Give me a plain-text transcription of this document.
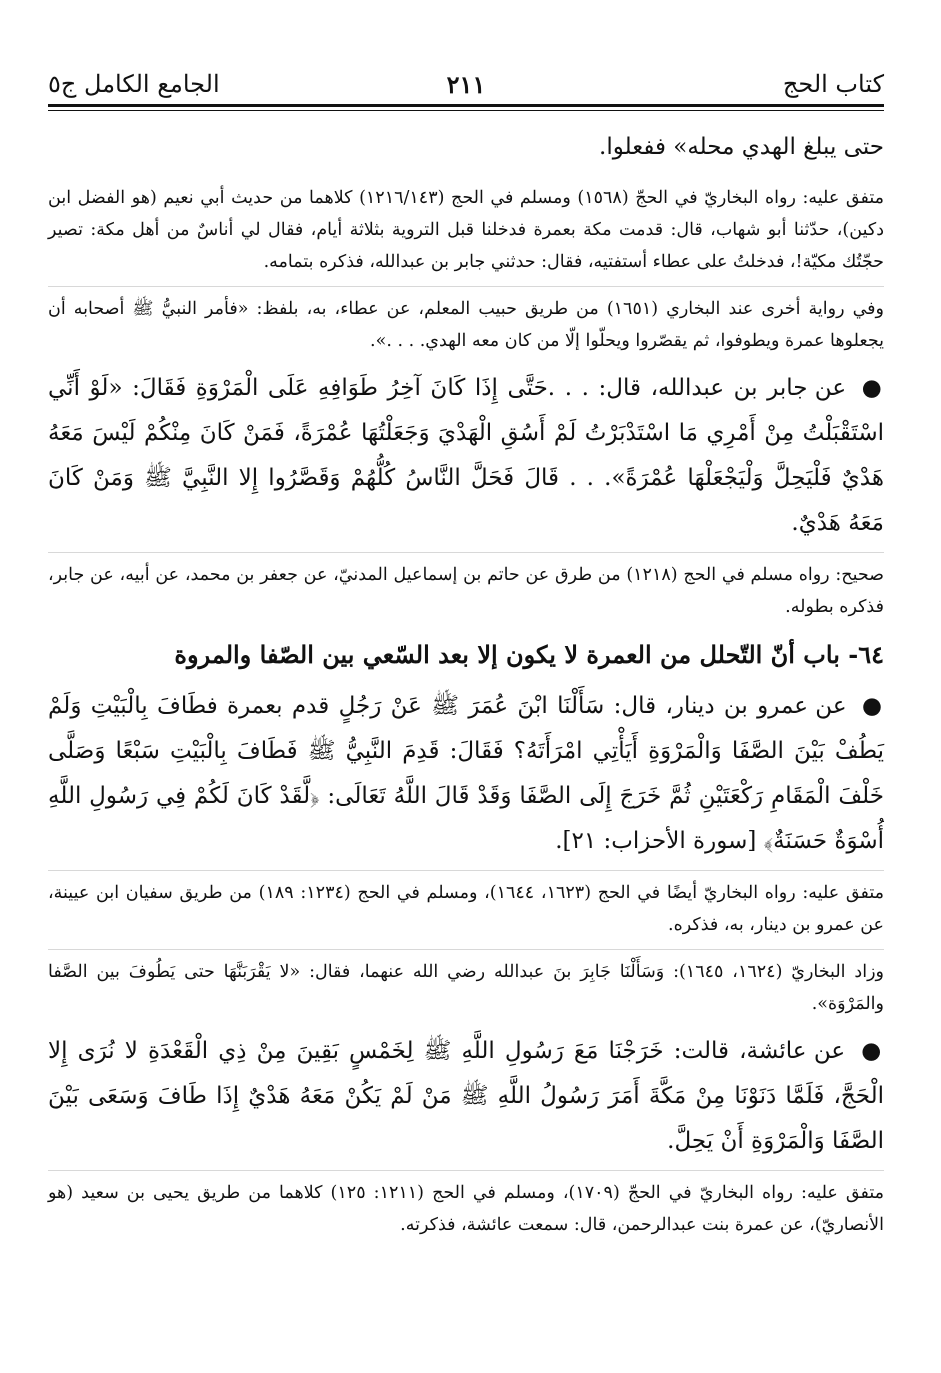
كتاب الحج
٢١١
الجامع الكامل ج٥

حتى يبلغ الهدي محله» ففعلوا.

متفق عليه: رواه البخاريّ في الحجّ (١٥٦٨) ومسلم في الحج (١٢١٦/١٤٣) كلاهما من حديث أبي نعيم (هو الفضل ابن دكين)، حدّثنا أبو شهاب، قال: قدمت مكة بعمرة فدخلنا قبل التروية بثلاثة أيام، فقال لي أناسٌ من أهل مكة: تصير حجّتُك مكيّة!، فدخلتُ على عطاء أستفتيه، فقال: حدثني جابر بن عبدالله، فذكره بتمامه.

وفي رواية أخرى عند البخاري (١٦٥١) من طريق حبيب المعلم، عن عطاء، به، بلفظ: «فأمر النبيُّ ﷺ أصحابه أن يجعلوها عمرة ويطوفوا، ثم يقصّروا ويحلّوا إلّا من كان معه الهدي. . . .».

● عن جابر بن عبدالله، قال: . . .حَتَّى إِذَا كَانَ آخِرُ طَوَافِهِ عَلَى الْمَرْوَةِ فَقَالَ: «لَوْ أَنِّي اسْتَقْبَلْتُ مِنْ أَمْرِي مَا اسْتَدْبَرْتُ لَمْ أَسُقِ الْهَدْيَ وَجَعَلْتُهَا عُمْرَةً، فَمَنْ كَانَ مِنْكُمْ لَيْسَ مَعَهُ هَدْيٌ فَلْيَحِلَّ وَلْيَجْعَلْهَا عُمْرَةً». . . قَالَ فَحَلَّ النَّاسُ كُلُّهُمْ وَقَصَّرُوا إِلا النَّبِيَّ ﷺ وَمَنْ كَانَ مَعَهُ هَدْيٌ.

صحيح: رواه مسلم في الحج (١٢١٨) من طرق عن حاتم بن إسماعيل المدنيّ، عن جعفر بن محمد، عن أبيه، عن جابر، فذكره بطوله.

٦٤- باب أنّ التّحلل من العمرة لا يكون إلا بعد السّعي بين الصّفا والمروة

● عن عمرو بن دينار، قال: سَأَلْنَا ابْنَ عُمَرَ ﷺ عَنْ رَجُلٍ قدم بعمرة فطَافَ بِالْبَيْتِ وَلَمْ يَطُفْ بَيْنَ الصَّفَا وَالْمَرْوَةِ أَيَأْتِي امْرَأَتَهُ؟ فَقَالَ: قَدِمَ النَّبِيُّ ﷺ فَطَافَ بِالْبَيْتِ سَبْعًا وَصَلَّى خَلْفَ الْمَقَامِ رَكْعَتَيْنِ ثُمَّ خَرَجَ إِلَى الصَّفَا وَقَدْ قَالَ اللَّهُ تَعَالَى: ﴿لَّقَدْ كَانَ لَكُمْ فِي رَسُولِ اللَّهِ أُسْوَةٌ حَسَنَةٌ﴾ [سورة الأحزاب: ٢١].

متفق عليه: رواه البخاريّ أيضًا في الحج (١٦٢٣، ١٦٤٤)، ومسلم في الحج (١٢٣٤: ١٨٩) من طريق سفيان ابن عيينة، عن عمرو بن دينار، به، فذكره.

وزاد البخاريّ (١٦٢٤، ١٦٤٥): وَسَأَلْنَا جَابِرَ بنَ عبدالله رضي الله عنهما، فقال: «لا يَقْرَبَنَّهَا حتى يَطُوفَ بين الصَّفا والمَرْوَة».

● عن عائشة، قالت: خَرَجْنَا مَعَ رَسُولِ اللَّهِ ﷺ لِخَمْسٍ بَقِينَ مِنْ ذِي الْقَعْدَةِ لا نُرَى إِلا الْحَجَّ، فَلَمَّا دَنَوْنَا مِنْ مَكَّةَ أَمَرَ رَسُولُ اللَّهِ ﷺ مَنْ لَمْ يَكُنْ مَعَهُ هَدْيٌ إِذَا طَافَ وَسَعَى بَيْنَ الصَّفَا وَالْمَرْوَةِ أَنْ يَحِلَّ.

متفق عليه: رواه البخاريّ في الحجّ (١٧٠٩)، ومسلم في الحج (١٢١١: ١٢٥) كلاهما من طريق يحيى بن سعيد (هو الأنصاريّ)، عن عمرة بنت عبدالرحمن، قال: سمعت عائشة، فذكرته.
